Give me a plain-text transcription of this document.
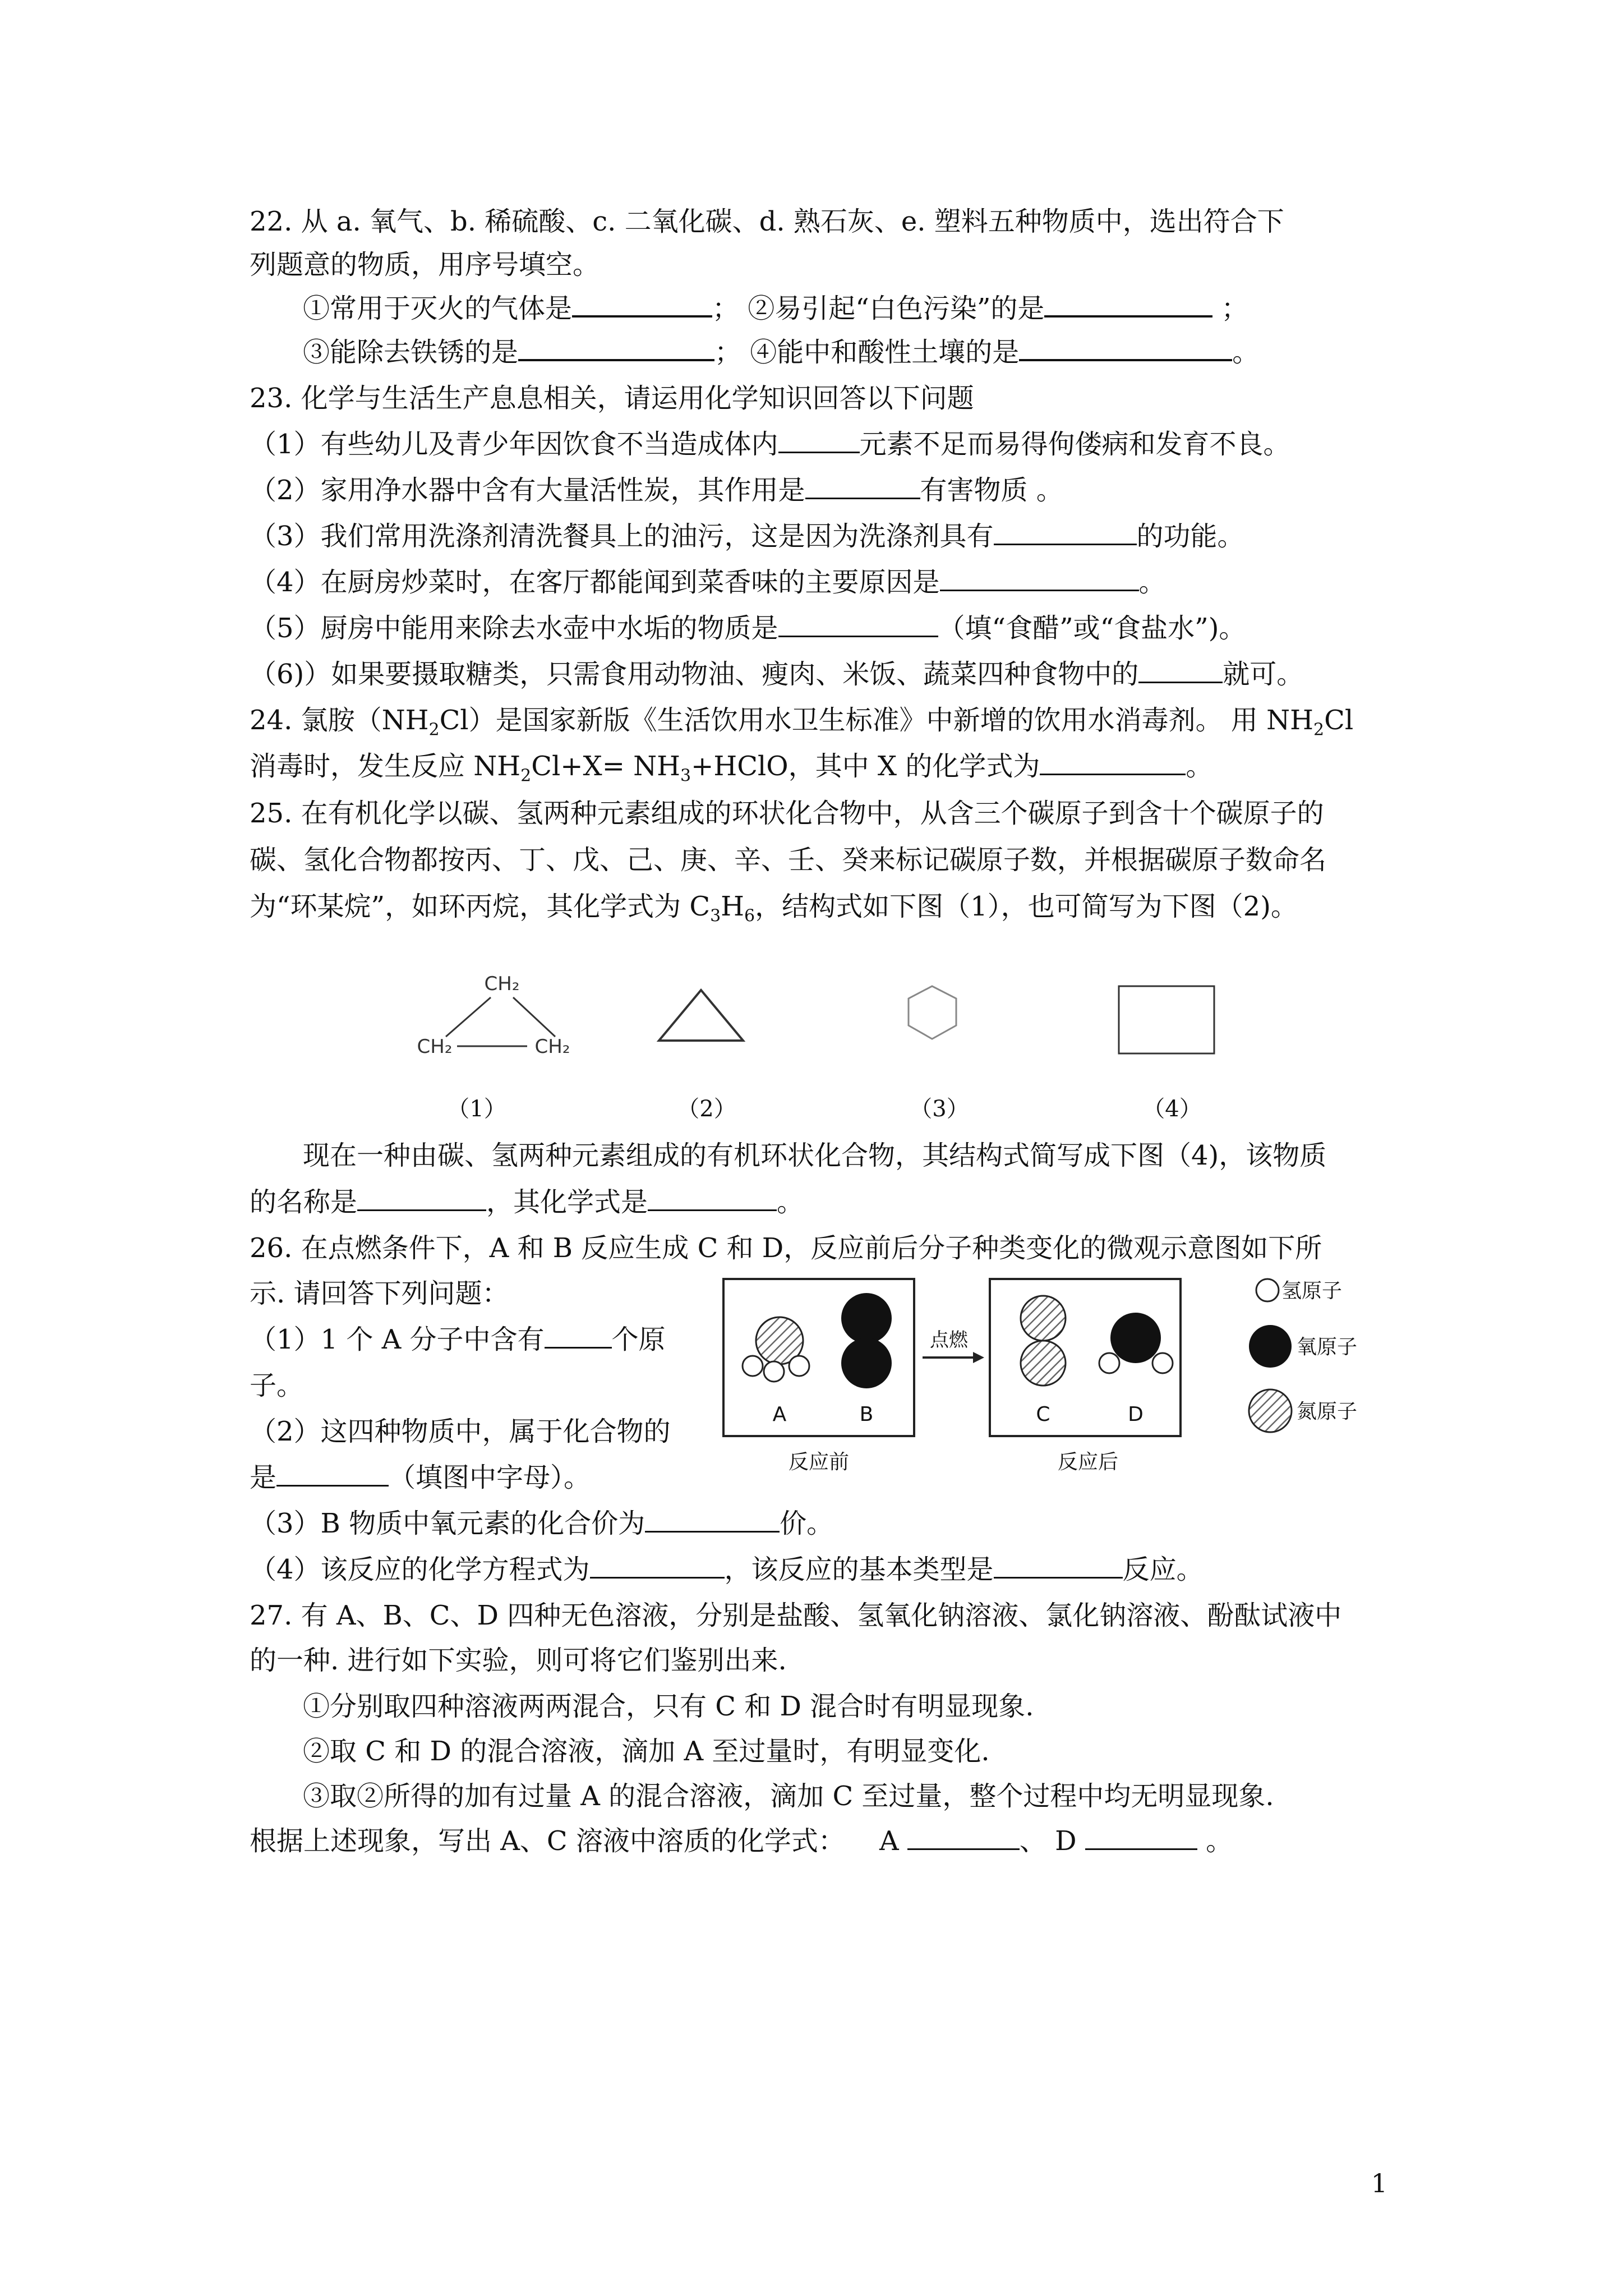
22. 从 a. 氧气、b. 稀硫酸、c. 二氧化碳、d. 熟石灰、e. 塑料五种物质中，选出符合下
列题意的物质，用序号填空。
①常用于灭火的气体是	； ②易引起“白色污染”的是	；
③能除去铁锈的是	； ④能中和酸性土壤的是	。
23. 化学与生活生产息息相关，请运用化学知识回答以下问题
（1）有些幼儿及青少年因饮食不当造成体内	元素不足而易得佝偻病和发育不良。
（2）家用净水器中含有大量活性炭，其作用是	有害物质 。
（3）我们常用洗涤剂清洗餐具上的油污，这是因为洗涤剂具有	的功能。
（4）在厨房炒菜时，在客厅都能闻到菜香味的主要原因是	。
（5）厨房中能用来除去水壶中水垢的物质是	（填“食醋”或“食盐水”)。
（6)）如果要摄取糖类，只需食用动物油、瘦肉、米饭、蔬菜四种食物中的	就可。
24. 氯胺$(NH_2Cl)$是国家新版《生活饮用水卫生标准》中新增的饮用水消毒剂。 用 $NH_2Cl$
消毒时，发生反应 $NH_2Cl+X=$ $NH_3+HClO$，其中 X 的化学式为	。
25. 在有机化学以碳、氢两种元素组成的环状化合物中，从含三个碳原子到含十个碳原子的
碳、氢化合物都按丙、丁、戊、己、庚、辛、壬、癸来标记碳原子数，并根据碳原子数命名
为“环某烷”，如环丙烷，其化学式为 $C_3H_6$，结构式如下图（1），也可简写为下图（2)。
CH₂
CH₂	CH₂
（1）	（2）	（3）	（4）
现在一种由碳、氢两种元素组成的有机环状化合物，其结构式简写成下图（4)，该物质
的名称是	，其化学式是	。
26. 在点燃条件下，A 和 B 反应生成 C 和 D，反应前后分子种类变化的微观示意图如下所
示. 请回答下列问题：
（1）1 个 A 分子中含有	个原
子。
（2）这四种物质中，属于化合物的
是	（填图中字母）。
（3）B 物质中氧元素的化合价为	价。
（4）该反应的化学方程式为	，该反应的基本类型是	反应。
A	B
反应前
点燃
C	D
反应后
氢原子
氧原子
氮原子
27. 有 A、B、C、D 四种无色溶液，分别是盐酸、氢氧化钠溶液、氯化钠溶液、酚酞试液中
的一种. 进行如下实验，则可将它们鉴别出来.
①分别取四种溶液两两混合，只有 C 和 D 混合时有明显现象.
②取 C 和 D 的混合溶液，滴加 A 至过量时，有明显变化.
③取②所得的加有过量 A 的混合溶液，滴加 C 至过量，整个过程中均无明显现象.
根据上述现象，写出 A、C 溶液中溶质的化学式：    A	、 D	。
1
